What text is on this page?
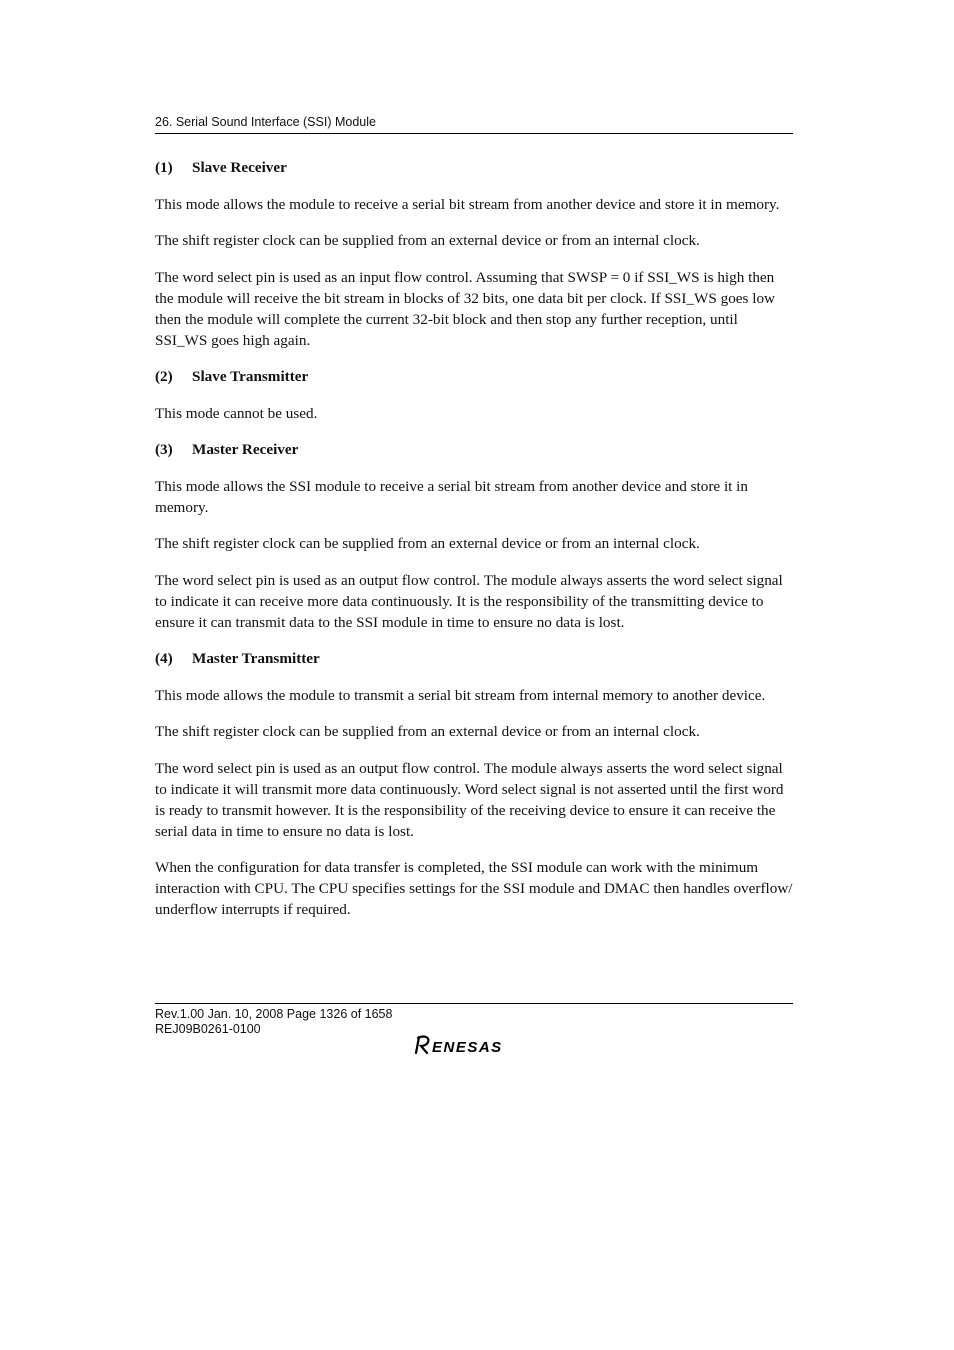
26. Serial Sound Interface (SSI) Module
(1) Slave Receiver

This mode allows the module to receive a serial bit stream from another device and store it in memory.

The shift register clock can be supplied from an external device or from an internal clock.

The word select pin is used as an input flow control. Assuming that SWSP = 0 if SSI_WS is high then the module will receive the bit stream in blocks of 32 bits, one data bit per clock. If SSI_WS goes low then the module will complete the current 32-bit block and then stop any further reception, until SSI_WS goes high again.

(2) Slave Transmitter

This mode cannot be used.

(3) Master Receiver

This mode allows the SSI module to receive a serial bit stream from another device and store it in memory.

The shift register clock can be supplied from an external device or from an internal clock.

The word select pin is used as an output flow control. The module always asserts the word select signal to indicate it can receive more data continuously. It is the responsibility of the transmitting device to ensure it can transmit data to the SSI module in time to ensure no data is lost.

(4) Master Transmitter

This mode allows the module to transmit a serial bit stream from internal memory to another device.

The shift register clock can be supplied from an external device or from an internal clock.

The word select pin is used as an output flow control. The module always asserts the word select signal to indicate it will transmit more data continuously. Word select signal is not asserted until the first word is ready to transmit however. It is the responsibility of the receiving device to ensure it can receive the serial data in time to ensure no data is lost.

When the configuration for data transfer is completed, the SSI module can work with the minimum interaction with CPU. The CPU specifies settings for the SSI module and DMAC then handles overflow/ underflow interrupts if required.

Rev.1.00 Jan. 10, 2008 Page 1326 of 1658
REJ09B0261-0100
ENESAS
